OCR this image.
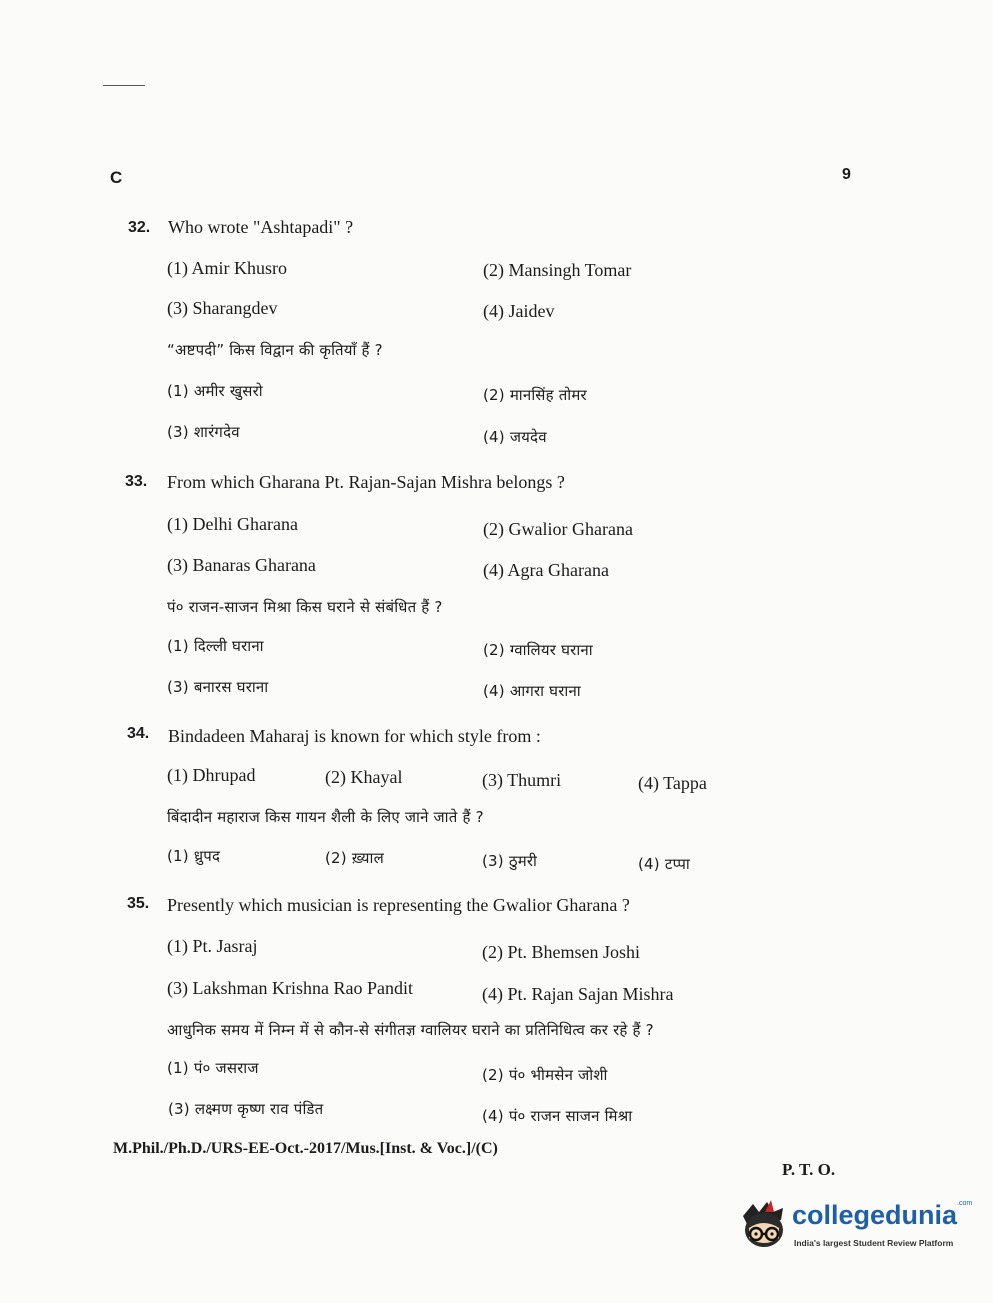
C	9
32. Who wrote "Ashtapadi" ?
(1) Amir Khusro	(2) Mansingh Tomar
(3) Sharangdev	(4) Jaidev
“अष्टपदी” किस विद्वान की कृतियाँ हैं ?
(1) अमीर खुसरो	(2) मानसिंह तोमर
(3) शारंगदेव	(4) जयदेव
33. From which Gharana Pt. Rajan-Sajan Mishra belongs ?
(1) Delhi Gharana	(2) Gwalior Gharana
(3) Banaras Gharana	(4) Agra Gharana
पं० राजन-साजन मिश्रा किस घराने से संबंधित हैं ?
(1) दिल्ली घराना	(2) ग्वालियर घराना
(3) बनारस घराना	(4) आगरा घराना
34. Bindadeen Maharaj is known for which style from :
(1) Dhrupad	(2) Khayal	(3) Thumri	(4) Tappa
बिंदादीन महाराज किस गायन शैली के लिए जाने जाते हैं ?
(1) ध्रुपद	(2) ख़्याल	(3) ठुमरी	(4) टप्पा
35. Presently which musician is representing the Gwalior Gharana ?
(1) Pt. Jasraj	(2) Pt. Bhemsen Joshi
(3) Lakshman Krishna Rao Pandit	(4) Pt. Rajan Sajan Mishra
आधुनिक समय में निम्न में से कौन-से संगीतज्ञ ग्वालियर घराने का प्रतिनिधित्व कर रहे हैं ?
(1) पं० जसराज	(2) पं० भीमसेन जोशी
(3) लक्ष्मण कृष्ण राव पंडित	(4) पं० राजन साजन मिश्रा
M.Phil./Ph.D./URS-EE-Oct.-2017/Mus.[Inst. & Voc.]/(C)
P. T. O.
collegedunia$^{.com}$
India's largest Student Review Platform
